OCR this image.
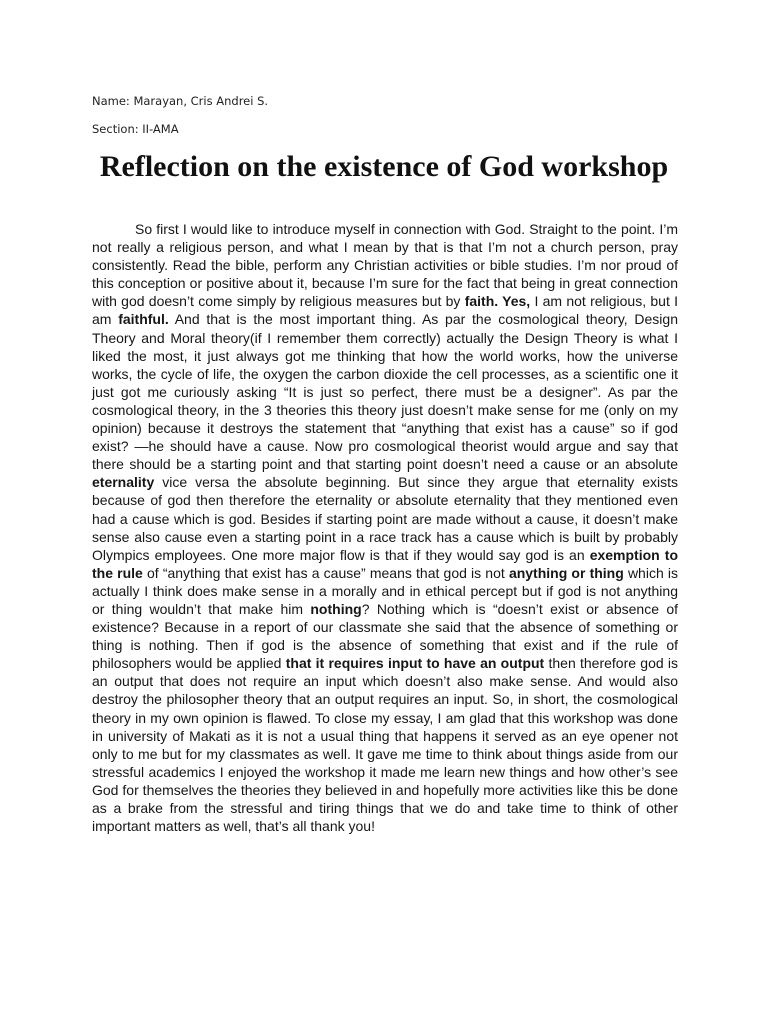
Name: Marayan, Cris Andrei S.
Section: II-AMA
Reflection on the existence of God workshop

So first I would like to introduce myself in connection with God. Straight to the point. I’m not really a religious person, and what I mean by that is that I’m not a church person, pray consistently. Read the bible, perform any Christian activities or bible studies. I’m nor proud of this conception or positive about it, because I’m sure for the fact that being in great connection with god doesn’t come simply by religious measures but by faith. Yes, I am not religious, but I am faithful. And that is the most important thing. As par the cosmological theory, Design Theory and Moral theory(if I remember them correctly) actually the Design Theory is what I liked the most, it just always got me thinking that how the world works, how the universe works, the cycle of life, the oxygen the carbon dioxide the cell processes, as a scientific one it just got me curiously asking “It is just so perfect, there must be a designer”. As par the cosmological theory, in the 3 theories this theory just doesn’t make sense for me (only on my opinion) because it destroys the statement that “anything that exist has a cause” so if god exist? —he should have a cause. Now pro cosmological theorist would argue and say that there should be a starting point and that starting point doesn’t need a cause or an absolute eternality vice versa the absolute beginning. But since they argue that eternality exists because of god then therefore the eternality or absolute eternality that they mentioned even had a cause which is god. Besides if starting point are made without a cause, it doesn’t make sense also cause even a starting point in a race track has a cause which is built by probably Olympics employees. One more major flow is that if they would say god is an exemption to the rule of “anything that exist has a cause” means that god is not anything or thing which is actually I think does make sense in a morally and in ethical percept but if god is not anything or thing wouldn’t that make him nothing? Nothing which is “doesn’t exist or absence of existence? Because in a report of our classmate she said that the absence of something or thing is nothing. Then if god is the absence of something that exist and if the rule of philosophers would be applied that it requires input to have an output then therefore god is an output that does not require an input which doesn’t also make sense. And would also destroy the philosopher theory that an output requires an input. So, in short, the cosmological theory in my own opinion is flawed. To close my essay, I am glad that this workshop was done in university of Makati as it is not a usual thing that happens it served as an eye opener not only to me but for my classmates as well. It gave me time to think about things aside from our stressful academics I enjoyed the workshop it made me learn new things and how other’s see God for themselves the theories they believed in and hopefully more activities like this be done as a brake from the stressful and tiring things that we do and take time to think of other important matters as well, that’s all thank you!
